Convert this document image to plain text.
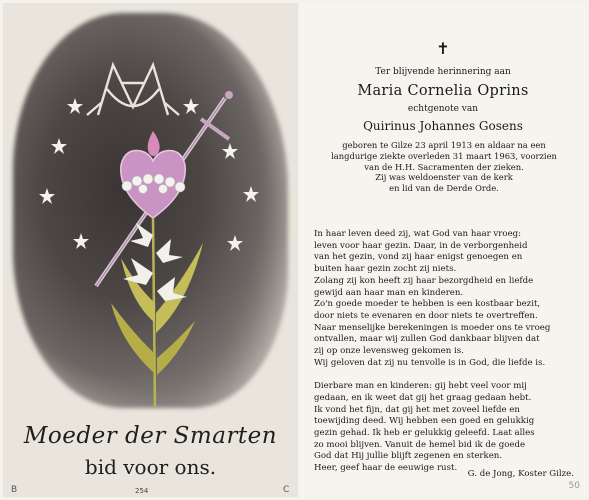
Moeder der Smarten
bid voor ons.
B	254	C
✝
Ter blijvende herinnering aan
Maria Cornelia Oprins
echtgenote van
Quirinus Johannes Gosens
geboren te Gilze 23 april 1913 en aldaar na een
langdurige ziekte overleden 31 maart 1963, voorzien
van de H.H. Sacramenten der zieken.
Zij was weldoenster van de kerk
en lid van de Derde Orde.
In haar leven deed zij, wat God van haar vroeg:
leven voor haar gezin. Daar, in de verborgenheid
van het gezin, vond zij haar enigst genoegen en
buiten haar gezin zocht zij niets.
Zolang zij kon heeft zij haar bezorgdheid en liefde
gewijd aan haar man en kinderen.
Zo'n goede moeder te hebben is een kostbaar bezit,
door niets te evenaren en door niets te overtreffen.
Naar menselijke berekeningen is moeder ons te vroeg
ontvallen, maar wij zullen God dankbaar blijven dat
zij op onze levensweg gekomen is.
Wij geloven dat zij nu tenvolle is in God, die liefde is.

Dierbare man en kinderen: gij hebt veel voor mij
gedaan, en ik weet dat gij het graag gedaan hebt.
Ik vond het fijn, dat gij het met zoveel liefde en
toewijding deed. Wij hebben een goed en gelukkig
gezin gehad. Ik heb er gelukkig geleefd. Laat alles
zo mooi blijven. Vanuit de hemel bid ik de goede
God dat Hij jullie blijft zegenen en sterken.
Heer, geef haar de eeuwige rust.
G. de Jong, Koster Gilze.
50
